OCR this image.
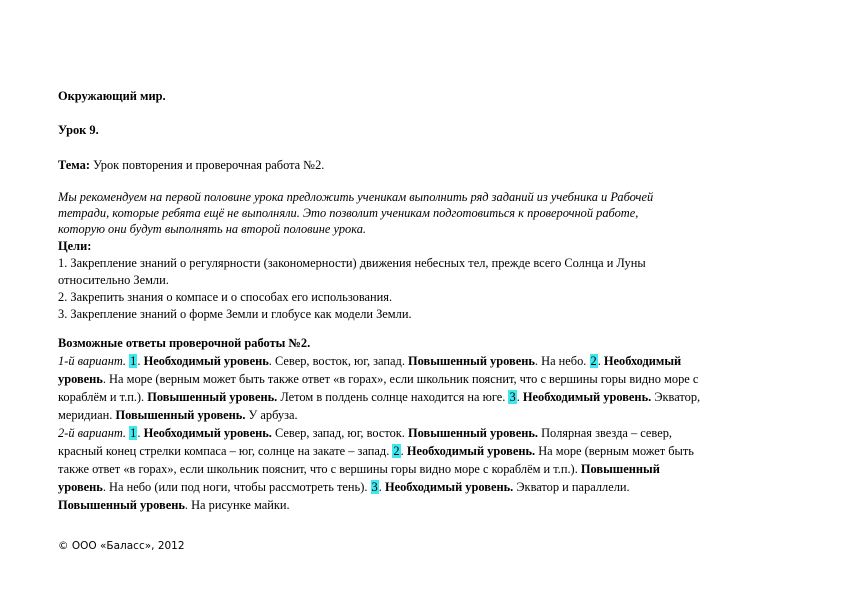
Окружающий мир.
Урок 9.
Тема: Урок повторения и проверочная работа №2.
Мы рекомендуем на первой половине урока предложить ученикам выполнить ряд заданий из учебника и Рабочей
тетради, которые ребята ещё не выполняли. Это позволит ученикам подготовиться к проверочной работе,
которую они будут выполнять на второй половине урока.
Цели:
1. Закрепление знаний о регулярности (закономерности) движения небесных тел, прежде всего Солнца и Луны
относительно Земли.
2. Закрепить знания о компасе и о способах его использования.
3. Закрепление знаний о форме Земли и глобусе как модели Земли.
Возможные ответы проверочной работы №2.
1-й вариант. 1. Необходимый уровень. Север, восток, юг, запад. Повышенный уровень. На небо. 2. Необходимый
уровень. На море (верным может быть также ответ «в горах», если школьник пояснит, что с вершины горы видно море с
кораблём и т.п.). Повышенный уровень. Летом в полдень солнце находится на юге. 3. Необходимый уровень. Экватор,
меридиан. Повышенный уровень. У арбуза.
2-й вариант. 1. Необходимый уровень. Север, запад, юг, восток. Повышенный уровень. Полярная звезда – север,
красный конец стрелки компаса – юг, солнце на закате – запад. 2. Необходимый уровень. На море (верным может быть
также ответ «в горах», если школьник пояснит, что с вершины горы видно море с кораблём и т.п.). Повышенный
уровень. На небо (или под ноги, чтобы рассмотреть тень). 3. Необходимый уровень. Экватор и параллели.
Повышенный уровень. На рисунке майки.
© ООО «Баласс», 2012
